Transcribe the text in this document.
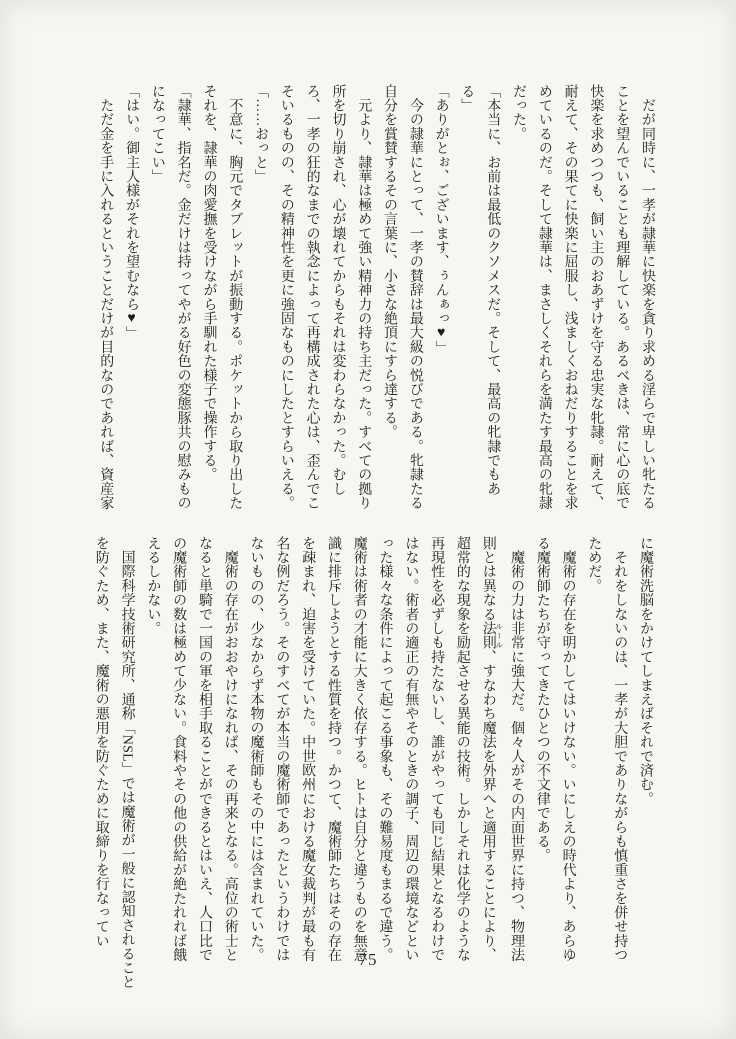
　だが同時に、一孝が隷華に快楽を貪り求める淫らで卑しい牝たる
ことを望んでいることも理解している。あるべきは、常に心の底で
快楽を求めつつも、飼い主のおあずけを守る忠実な牝隷。耐えて、
耐えて、その果てに快楽に屈服し、浅ましくおねだりすることを求
めているのだ。そして隷華は、まさしくそれらを満たす最高の牝隷
だった。
「本当に、お前は最低のクソメスだ。そして、最高の牝隷でもあ
る」
「ありがとぉ、ございます、ぅんぁっ♥」
　今の隷華にとって、一孝の賛辞は最大級の悦びである。牝隷たる
自分を賞賛するその言葉に、小さな絶頂にすら達する。
　元より、隷華は極めて強い精神力の持ち主だった。すべての拠り
所を切り崩され、心が壊れてからもそれは変わらなかった。むし
ろ、一孝の狂的なまでの執念によって再構成された心は、歪んでこ
そいるものの、その精神性を更に強固なものにしたとすらいえる。
「……おっと」
　不意に、胸元でタブレットが振動する。ポケットから取り出した
それを、隷華の肉愛撫を受けながら手馴れた様子で操作する。
「隷華、指名だ。金だけは持ってやがる好色の変態豚共の慰みもの
になってこい」
「はい。御主人様がそれを望むなら♥」
　ただ金を手に入れるということだけが目的なのであれば、資産家
に魔術洗脳をかけてしまえばそれで済む。
　それをしないのは、一孝が大胆でありながらも慎重さを併せ持つ
ためだ。
　魔術の存在を明かしてはいけない。いにしえの時代より、あらゆ
る魔術師たちが守ってきたひとつの不文律である。
　魔術の力は非常に強大だ。個々人がその内面世界に持つ、物理法
則とは異なる法則 ルール、すなわち魔法を外界へと適用することにより、
超常的な現象を励起させる異能の技術。しかしそれは化学のような
再現性を必ずしも持たないし、誰がやっても同じ結果となるわけで
はない。術者の適正の有無やそのときの調子、周辺の環境などとい
った様々な条件によって起こる事象も、その難易度もまるで違う。
魔術は術者の才能に大きく依存する。ヒトは自分と違うものを無意
識に排斥しようとする性質を持つ。かつて、魔術師たちはその存在
を疎まれ、迫害を受けていた。中世欧州における魔女裁判が最も有
名な例だろう。そのすべてが本当の魔術師であったというわけでは
ないものの、少なからず本物の魔術師もその中には含まれていた。
　魔術の存在がおおやけになれば、その再来となる。高位の術士と
なると単騎で一国の軍を相手取ることができるとはいえ、人口比で
の魔術師の数は極めて少ない。食料やその他の供給が絶たれれば餓
えるしかない。
　国際科学技術研究所、通称「NSL」では魔術が一般に認知されること
を防ぐため、また、魔術の悪用を防ぐために取締りを行なってい
75
